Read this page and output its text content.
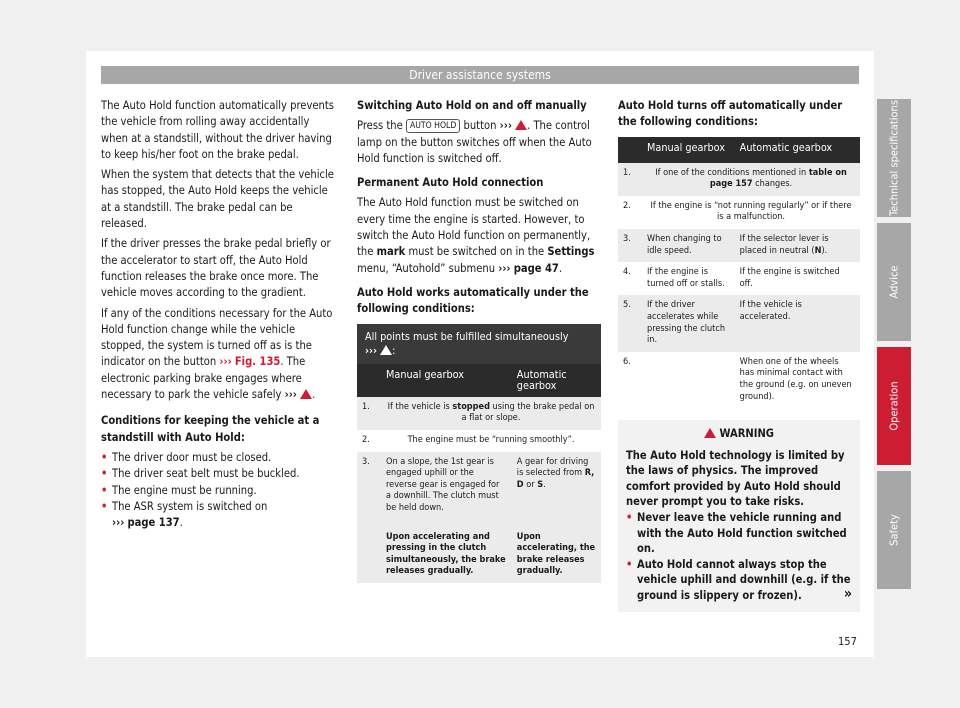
Driver assistance systems

The Auto Hold function automatically prevents the vehicle from rolling away accidentally when at a standstill, without the driver having to keep his/her foot on the brake pedal.

When the system that detects that the vehicle has stopped, the Auto Hold keeps the vehicle at a standstill. The brake pedal can be released.

If the driver presses the brake pedal briefly or the accelerator to start off, the Auto Hold function releases the brake once more. The vehicle moves according to the gradient.

If any of the conditions necessary for the Auto Hold function change while the vehicle stopped, the system is turned off as is the indicator on the button ››› Fig. 135. The electronic parking brake engages where necessary to park the vehicle safely ››› .

Conditions for keeping the vehicle at a standstill with Auto Hold:
• The driver door must be closed.
• The driver seat belt must be buckled.
• The engine must be running.
• The ASR system is switched on
››› page 137.
Switching Auto Hold on and off manually

Press the AUTO HOLD button ››› . The control lamp on the button switches off when the Auto Hold function is switched off.

Permanent Auto Hold connection

The Auto Hold function must be switched on every time the engine is started. However, to switch the Auto Hold function on permanently, the mark must be switched on in the Settings menu, “Autohold” submenu ››› page 47.

Auto Hold works automatically under the following conditions:
All points must be fulfilled simultaneously
››› :
	Manual gearbox	Automatic gearbox
1.	If the vehicle is stopped using the brake pedal on a flat or slope.	
2.	The engine must be “running smoothly”.	
3.	On a slope, the 1st gear is engaged uphill or the reverse gear is engaged for a downhill. The clutch must be held down.	A gear for driving is selected from R, D or S.
	Upon accelerating and pressing in the clutch simultaneously, the brake releases gradually.	Upon accelerating, the brake releases gradually.
Auto Hold turns off automatically under the following conditions:
	Manual gearbox	Automatic gearbox
1.	If one of the conditions mentioned in table on page 157 changes.	
2.	If the engine is “not running regularly” or if there is a malfunction.	
3.	When changing to idle speed.	If the selector lever is placed in neutral (N).
4.	If the engine is turned off or stalls.	If the engine is switched off.
5.	If the driver accelerates while pressing the clutch in.	If the vehicle is accelerated.
6.		When one of the wheels has minimal contact with the ground (e.g. on uneven ground).
WARNING
The Auto Hold technology is limited by the laws of physics. The improved comfort provided by Auto Hold should never prompt you to take risks.
• Never leave the vehicle running and with the Auto Hold function switched on.
• Auto Hold cannot always stop the vehicle uphill and downhill (e.g. if the ground is slippery or frozen).	»
Technical specifications
Advice
Operation
Safety
157
